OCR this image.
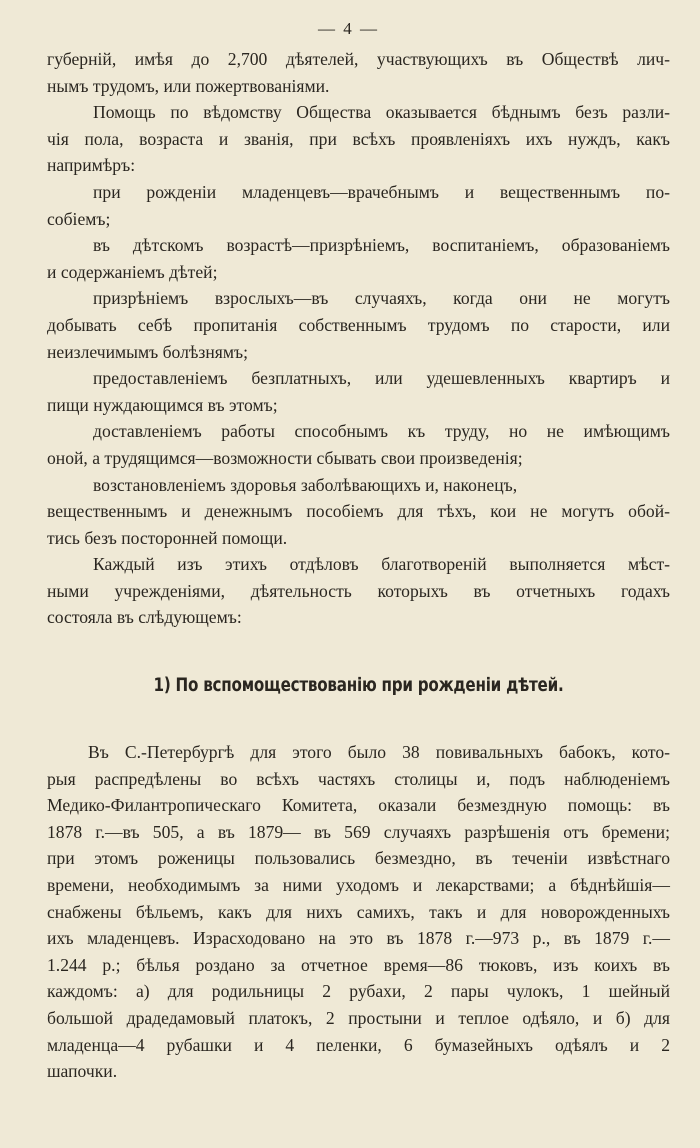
— 4 —
губерній, имѣя до 2,700 дѣятелей, участвующихъ въ Обществѣ лич-
нымъ трудомъ, или пожертвованіями.
Помощь по вѣдомству Общества оказывается бѣднымъ безъ разли-
чія пола, возраста и званія, при всѣхъ проявленіяхъ ихъ нуждъ, какъ
напримѣръ:
при рожденіи младенцевъ—врачебнымъ и вещественнымъ по-
собіемъ;
въ дѣтскомъ возрастѣ—призрѣніемъ, воспитаніемъ, образованіемъ
и содержаніемъ дѣтей;
призрѣніемъ взрослыхъ—въ случаяхъ, когда они не могутъ
добывать себѣ пропитанія собственнымъ трудомъ по старости, или
неизлечимымъ болѣзнямъ;
предоставленіемъ безплатныхъ, или удешевленныхъ квартиръ и
пищи нуждающимся въ этомъ;
доставленіемъ работы способнымъ къ труду, но не имѣющимъ
оной, а трудящимся—возможности сбывать свои произведенія;
возстановленіемъ здоровья заболѣвающихъ и, наконецъ,
вещественнымъ и денежнымъ пособіемъ для тѣхъ, кои не могутъ обой-
тись безъ посторонней помощи.
Каждый изъ этихъ отдѣловъ благотвореній выполняется мѣст-
ными учрежденіями, дѣятельность которыхъ въ отчетныхъ годахъ
состояла въ слѣдующемъ:
1) По вспомоществованію при рожденіи дѣтей.
Въ С.-Петербургѣ для этого было 38 повивальныхъ бабокъ, кото-
рыя распредѣлены во всѣхъ частяхъ столицы и, подъ наблюденіемъ
Медико-Филантропическаго Комитета, оказали безмездную помощь: въ
1878 г.—въ 505, а въ 1879— въ 569 случаяхъ разрѣшенія отъ бремени;
при этомъ роженицы пользовались безмездно, въ теченіи извѣстнаго
времени, необходимымъ за ними уходомъ и лекарствами; а бѣднѣйшія—
снабжены бѣльемъ, какъ для нихъ самихъ, такъ и для новорожденныхъ
ихъ младенцевъ. Израсходовано на это въ 1878 г.—973 р., въ 1879 г.—
1.244 р.; бѣлья роздано за отчетное время—86 тюковъ, изъ коихъ въ
каждомъ: а) для родильницы 2 рубахи, 2 пары чулокъ, 1 шейный
большой драдедамовый платокъ, 2 простыни и теплое одѣяло, и б) для
младенца—4 рубашки и 4 пеленки, 6 бумазейныхъ одѣялъ и 2
шапочки.
